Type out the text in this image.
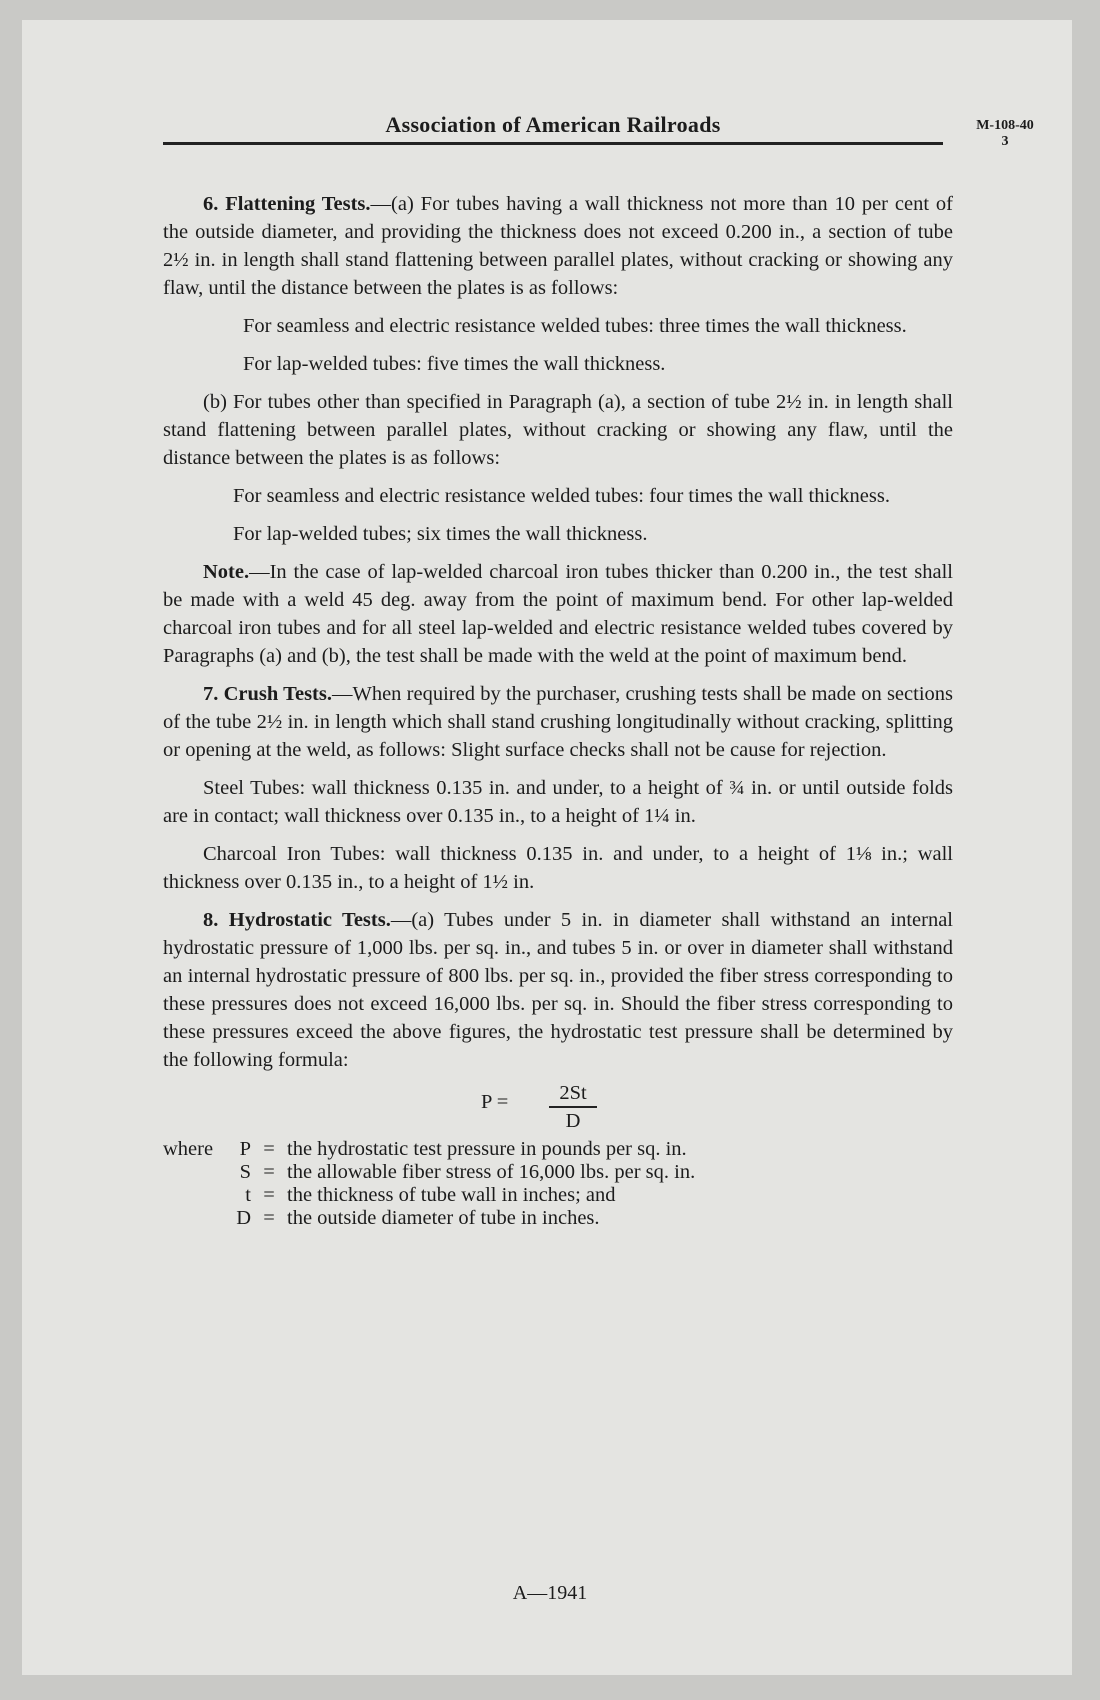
Association of American Railroads	M-108-40
3

6. Flattening Tests.—(a) For tubes having a wall thickness not more than 10 per cent of the outside diameter, and providing the thickness does not exceed 0.200 in., a section of tube 2½ in. in length shall stand flattening between parallel plates, without cracking or showing any flaw, until the distance between the plates is as follows:

For seamless and electric resistance welded tubes: three times the wall thickness.

For lap-welded tubes: five times the wall thickness.

(b) For tubes other than specified in Paragraph (a), a section of tube 2½ in. in length shall stand flattening between parallel plates, without cracking or showing any flaw, until the distance between the plates is as follows:

For seamless and electric resistance welded tubes: four times the wall thickness.

For lap-welded tubes; six times the wall thickness.

Note.—In the case of lap-welded charcoal iron tubes thicker than 0.200 in., the test shall be made with a weld 45 deg. away from the point of maximum bend. For other lap-welded charcoal iron tubes and for all steel lap-welded and electric resistance welded tubes covered by Paragraphs (a) and (b), the test shall be made with the weld at the point of maximum bend.

7. Crush Tests.—When required by the purchaser, crushing tests shall be made on sections of the tube 2½ in. in length which shall stand crushing longitudinally without cracking, splitting or opening at the weld, as follows: Slight surface checks shall not be cause for rejection.

Steel Tubes: wall thickness 0.135 in. and under, to a height of ¾ in. or until outside folds are in contact; wall thickness over 0.135 in., to a height of 1¼ in.

Charcoal Iron Tubes: wall thickness 0.135 in. and under, to a height of 1⅛ in.; wall thickness over 0.135 in., to a height of 1½ in.

8. Hydrostatic Tests.—(a) Tubes under 5 in. in diameter shall withstand an internal hydrostatic pressure of 1,000 lbs. per sq. in., and tubes 5 in. or over in diameter shall withstand an internal hydrostatic pressure of 800 lbs. per sq. in., provided the fiber stress corresponding to these pressures does not exceed 16,000 lbs. per sq. in. Should the fiber stress corresponding to these pressures exceed the above figures, the hydrostatic test pressure shall be determined by the following formula:

$P = \frac{2St}{D}$
where	P = the hydrostatic test pressure in pounds per sq. in.
S = the allowable fiber stress of 16,000 lbs. per sq. in.
t = the thickness of tube wall in inches; and
D = the outside diameter of tube in inches.
A—1941
